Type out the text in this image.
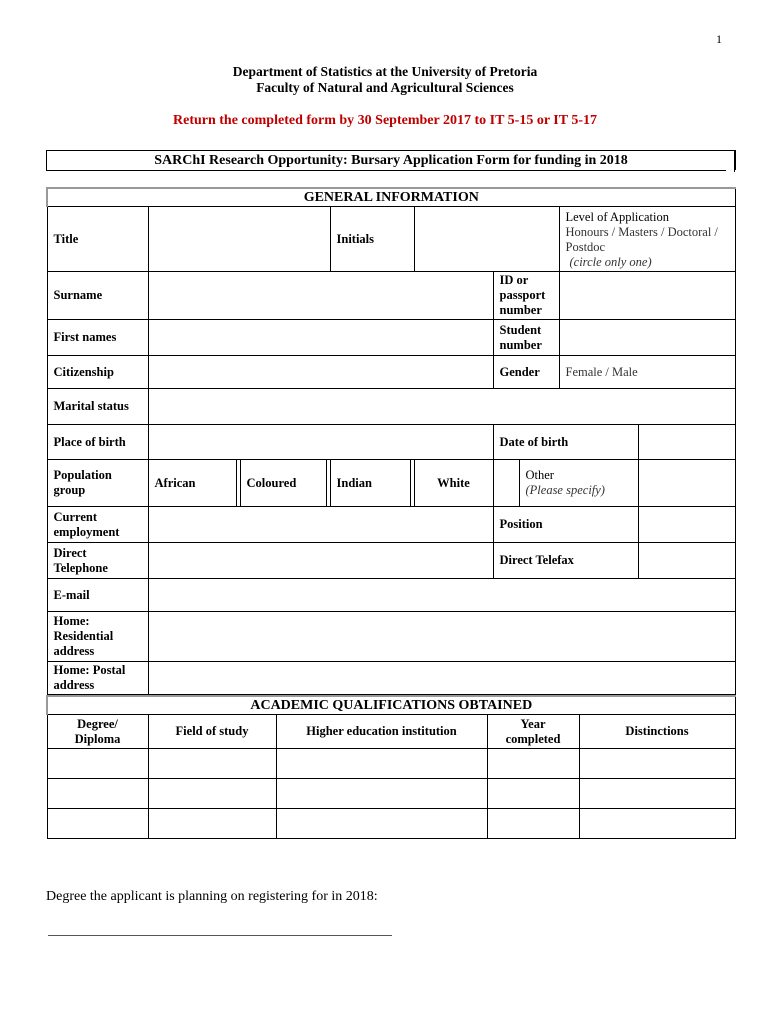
1
Department of Statistics at the University of Pretoria
Faculty of Natural and Agricultural Sciences
Return the completed form by 30 September 2017 to IT 5-15 or IT 5-17
SARChI Research Opportunity: Bursary Application Form for funding in 2018
GENERAL INFORMATION											
Title					Initials					Level of Application
Honours / Masters / Doctoral / Postdoc
(circle only one)	

Surname								ID or passport number			
First names								Student number			
Citizenship								Gender		Female / Male	
Marital status											
Place of birth								Date of birth			
Population group	African		Coloured		Indian		White		Other
(Please specify)		

Current employment								Position			
Direct Telephone								Direct Telefax			
E-mail											
Home: Residential address											
Home: Postal address											
ACADEMIC QUALIFICATIONS OBTAINED				
Degree/ Diploma	Field of study	Higher education institution	Year completed	Distinctions

Degree the applicant is planning on registering for in 2018:
